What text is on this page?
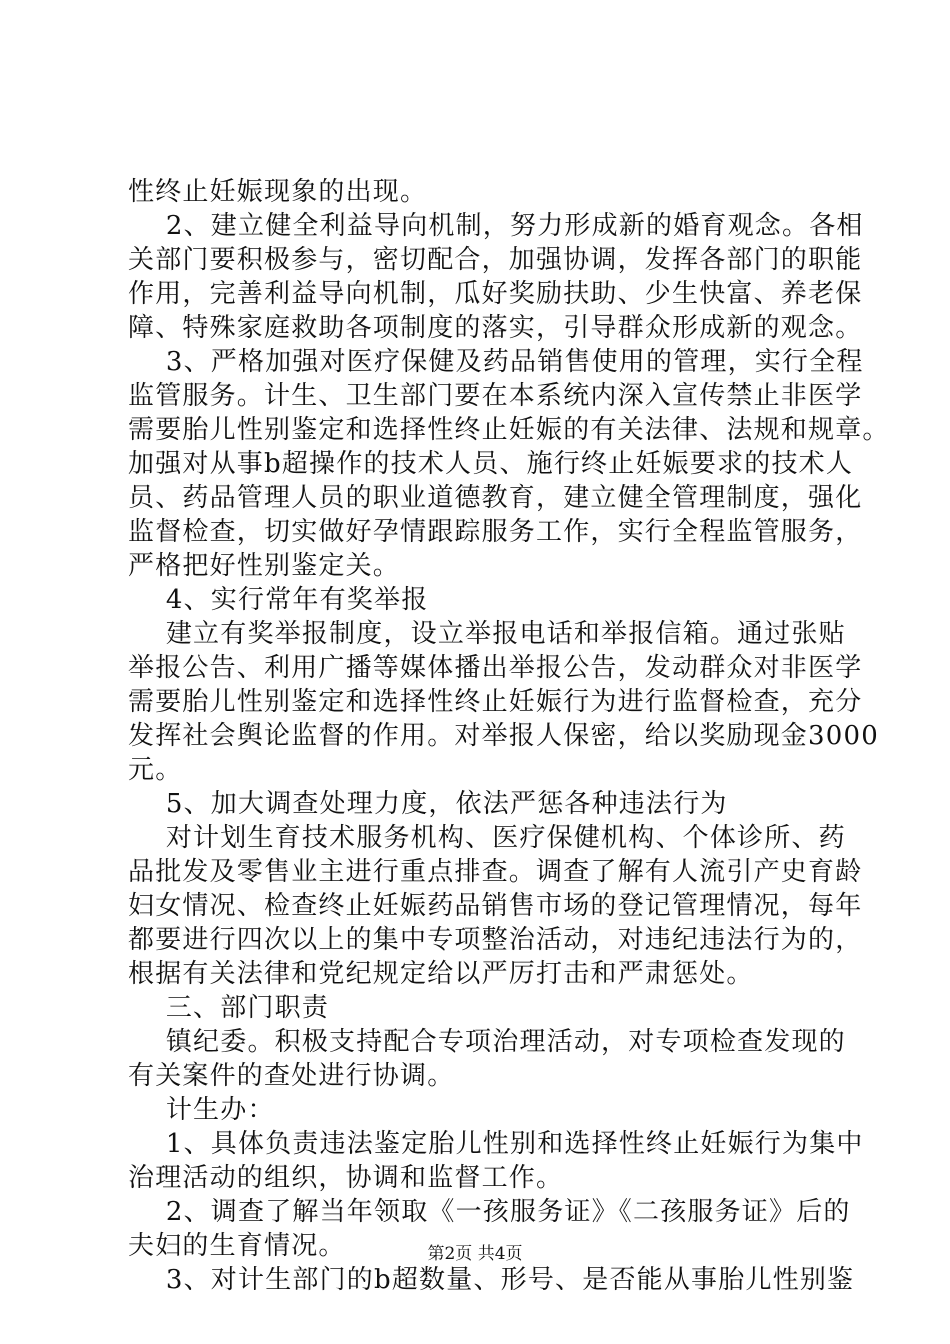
性终止妊娠现象的出现。
2、建立健全利益导向机制，努力形成新的婚育观念。各相
关部门要积极参与，密切配合，加强协调，发挥各部门的职能
作用，完善利益导向机制，瓜好奖励扶助、少生快富、养老保
障、特殊家庭救助各项制度的落实，引导群众形成新的观念。
3、严格加强对医疗保健及药品销售使用的管理，实行全程
监管服务。计生、卫生部门要在本系统内深入宣传禁止非医学
需要胎儿性别鉴定和选择性终止妊娠的有关法律、法规和规章。
加强对从事b超操作的技术人员、施行终止妊娠要求的技术人
员、药品管理人员的职业道德教育，建立健全管理制度，强化
监督检查，切实做好孕情跟踪服务工作，实行全程监管服务，
严格把好性别鉴定关。
4、实行常年有奖举报
建立有奖举报制度，设立举报电话和举报信箱。通过张贴
举报公告、利用广播等媒体播出举报公告，发动群众对非医学
需要胎儿性别鉴定和选择性终止妊娠行为进行监督检查，充分
发挥社会舆论监督的作用。对举报人保密，给以奖励现金3000
元。
5、加大调查处理力度，依法严惩各种违法行为
对计划生育技术服务机构、医疗保健机构、个体诊所、药
品批发及零售业主进行重点排查。调查了解有人流引产史育龄
妇女情况、检查终止妊娠药品销售市场的登记管理情况，每年
都要进行四次以上的集中专项整治活动，对违纪违法行为的，
根据有关法律和党纪规定给以严厉打击和严肃惩处。
三、部门职责
镇纪委。积极支持配合专项治理活动，对专项检查发现的
有关案件的查处进行协调。
计生办：
1、具体负责违法鉴定胎儿性别和选择性终止妊娠行为集中
治理活动的组织，协调和监督工作。
2、调查了解当年领取《一孩服务证》《二孩服务证》后的
夫妇的生育情况。
3、对计生部门的b超数量、形号、是否能从事胎儿性别鉴
第2页 共4页
